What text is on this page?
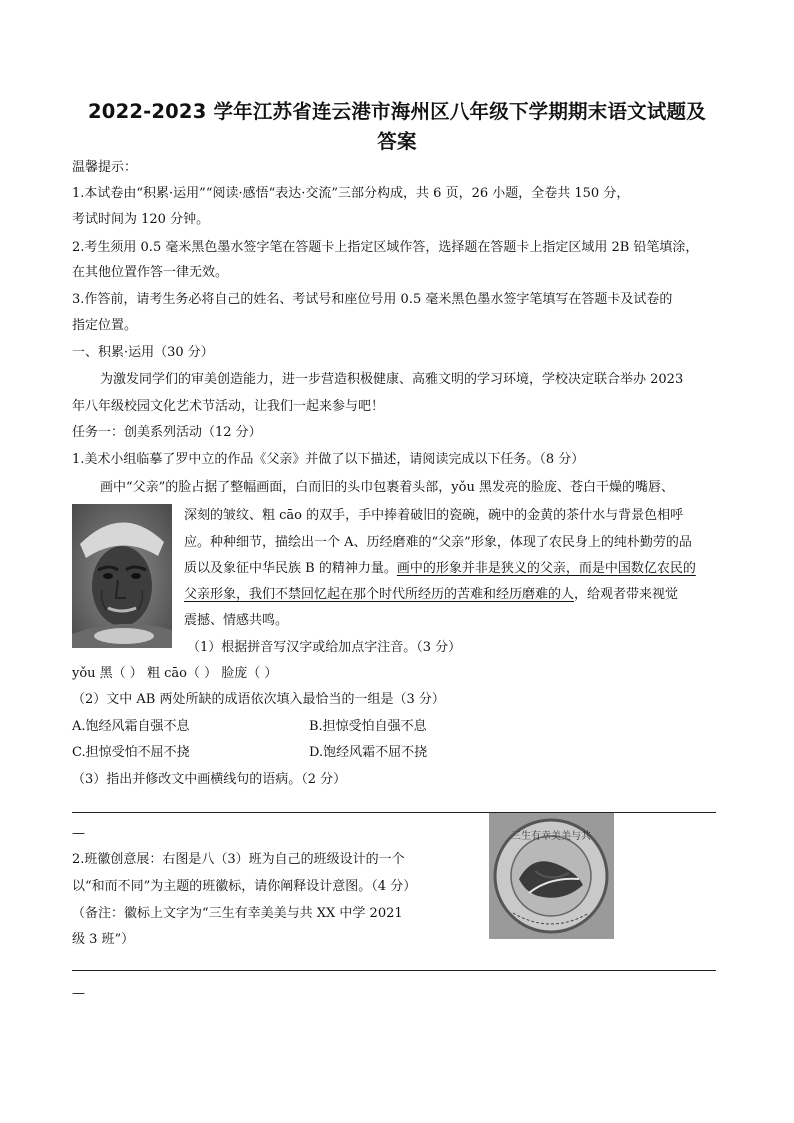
2022-2023 学年江苏省连云港市海州区八年级下学期期末语文试题及
答案
温馨提示：
1.本试卷由“积累·运用”“阅读·感悟“表达·交流”三部分构成，共 6 页，26 小题，全卷共 150 分，
考试时间为 120 分钟。
2.考生须用 0.5 毫米黑色墨水签字笔在答题卡上指定区域作答，选择题在答题卡上指定区域用 2B 铅笔填涂，
在其他位置作答一律无效。
3.作答前，请考生务必将自己的姓名、考试号和座位号用 0.5 毫米黑色墨水签字笔填写在答题卡及试卷的
指定位置。
一、积累·运用（30 分）
为激发同学们的审美创造能力，进一步营造积极健康、高雅文明的学习环境，学校决定联合举办 2023
年八年级校园文化艺术节活动，让我们一起来参与吧！
任务一：创美系列活动（12 分）
1.美术小组临摹了罗中立的作品《父亲》并做了以下描述，请阅读完成以下任务。（8 分）
画中“父亲”的脸占据了整幅画面，白而旧的头巾包裹着头部，yǒu 黑发亮的脸庞、苍白干燥的嘴唇、
深刻的皱纹、粗 cāo 的双手，手中捧着破旧的瓷碗，碗中的金黄的茶什水与背景色相呼
应。种种细节，描绘出一个 A、历经磨难的“父亲”形象，体现了农民身上的纯朴勤劳的品
质以及象征中华民族 B 的精神力量。画中的形象并非是狭义的父亲，而是中国数亿农民的
父亲形象，我们不禁回忆起在那个时代所经历的苦难和经历磨难的人，给观者带来视觉
震撼、情感共鸣。
（1）根据拼音写汉字或给加点字注音。（3 分）
yǒu 黑（ ） 粗 cāo（ ） 脸庞（ ）
（2）文中 AB 两处所缺的成语依次填入最恰当的一组是（3 分）
A.饱经风霜自强不息	B.担惊受怕自强不息
C.担惊受怕不屈不挠	D.饱经风霜不屈不挠
（3）指出并修改文中画横线句的语病。（2 分）
—	三生有幸美美与共
2.班徽创意展：右图是八（3）班为自己的班级设计的一个
以“和而不同”为主题的班徽标，请你阐释设计意图。（4 分）
（备注：徽标上文字为“三生有幸美美与共 XX 中学 2021
级 3 班”）
—
